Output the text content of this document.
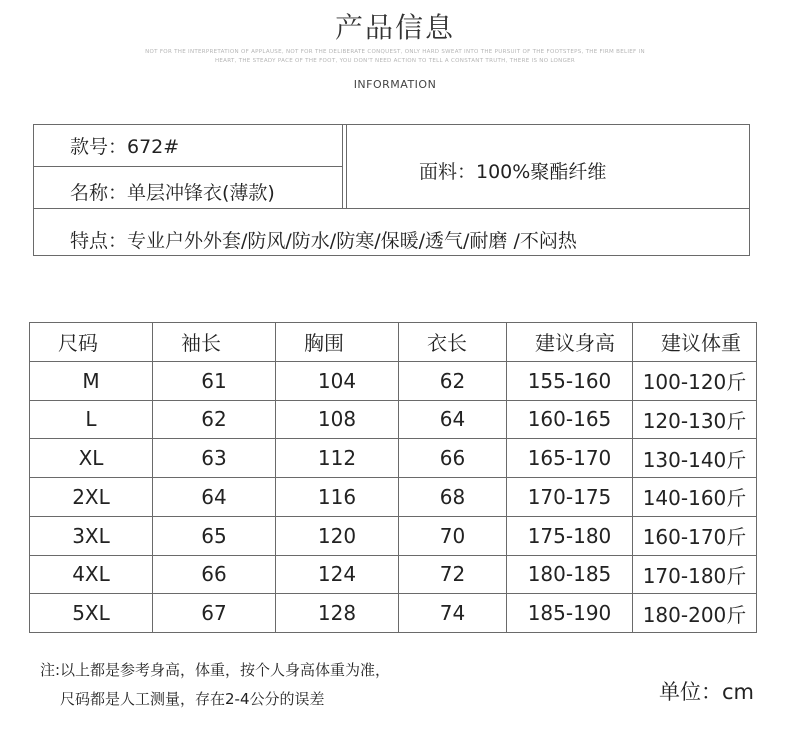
产品信息
NOT FOR THE INTERPRETATION OF APPLAUSE, NOT FOR THE DELIBERATE CONQUEST, ONLY HARD SWEAT INTO THE PURSUIT OF THE FOOTSTEPS, THE FIRM BELIEF IN
HEART, THE STEADY PACE OF THE FOOT, YOU DON'T NEED ACTION TO TELL A CONSTANT TRUTH, THERE IS NO LONGER
INFORMATION
款号：672#
名称：单层冲锋衣(薄款)
面料：100%聚酯纤维
特点：专业户外外套/防风/防水/防寒/保暖/透气/耐磨 /不闷热
尺码	袖长	胸围	衣长	建议身高	建议体重
M	61	104	62	155-160	100-120斤
L	62	108	64	160-165	120-130斤
XL	63	112	66	165-170	130-140斤
2XL	64	116	68	170-175	140-160斤
3XL	65	120	70	175-180	160-170斤
4XL	66	124	72	180-185	170-180斤
5XL	67	128	74	185-190	180-200斤
注:以上都是参考身高，体重，按个人身高体重为准，
尺码都是人工测量，存在2-4公分的误差	单位：cm
